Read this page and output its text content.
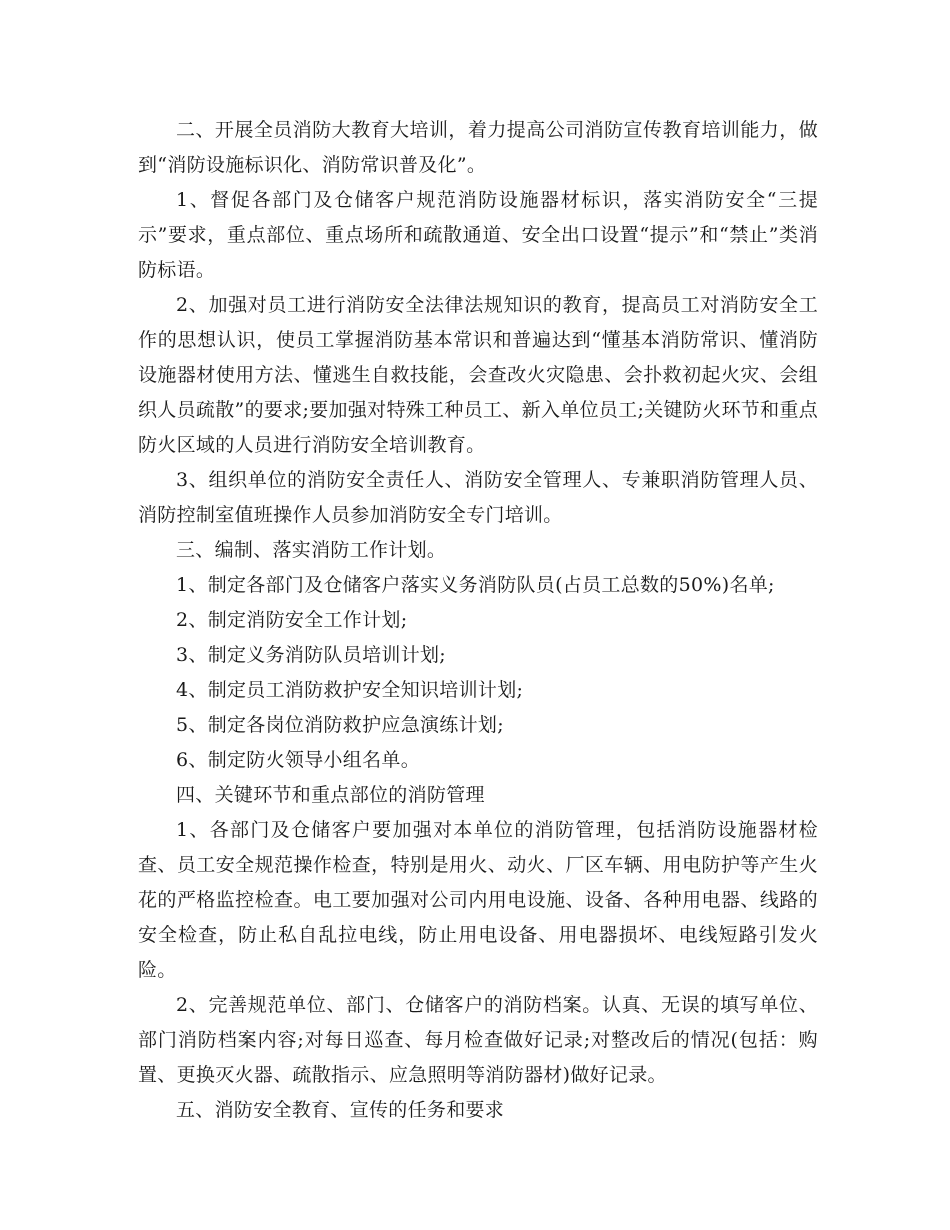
二、开展全员消防大教育大培训，着力提高公司消防宣传教育培训能力，做到“消防设施标识化、消防常识普及化”。

1、督促各部门及仓储客户规范消防设施器材标识，落实消防安全“三提示”要求，重点部位、重点场所和疏散通道、安全出口设置“提示”和“禁止”类消防标语。

2、加强对员工进行消防安全法律法规知识的教育，提高员工对消防安全工作的思想认识，使员工掌握消防基本常识和普遍达到“懂基本消防常识、懂消防设施器材使用方法、懂逃生自救技能，会查改火灾隐患、会扑救初起火灾、会组织人员疏散”的要求;要加强对特殊工种员工、新入单位员工;关键防火环节和重点防火区域的人员进行消防安全培训教育。

3、组织单位的消防安全责任人、消防安全管理人、专兼职消防管理人员、消防控制室值班操作人员参加消防安全专门培训。

三、编制、落实消防工作计划。

1、制定各部门及仓储客户落实义务消防队员(占员工总数的50%)名单;

2、制定消防安全工作计划;

3、制定义务消防队员培训计划;

4、制定员工消防救护安全知识培训计划;

5、制定各岗位消防救护应急演练计划;

6、制定防火领导小组名单。

四、关键环节和重点部位的消防管理

1、各部门及仓储客户要加强对本单位的消防管理，包括消防设施器材检查、员工安全规范操作检查，特别是用火、动火、厂区车辆、用电防护等产生火花的严格监控检查。电工要加强对公司内用电设施、设备、各种用电器、线路的安全检查，防止私自乱拉电线，防止用电设备、用电器损坏、电线短路引发火险。

2、完善规范单位、部门、仓储客户的消防档案。认真、无误的填写单位、部门消防档案内容;对每日巡查、每月检查做好记录;对整改后的情况(包括：购置、更换灭火器、疏散指示、应急照明等消防器材)做好记录。

五、消防安全教育、宣传的任务和要求
